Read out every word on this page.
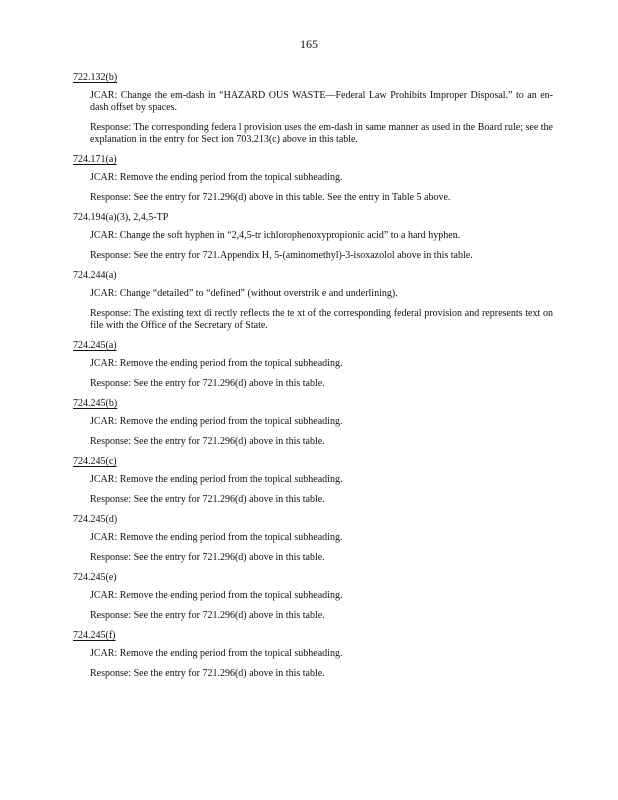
165
722.132(b)
JCAR: Change the em-dash in “HAZARD OUS WASTE—Federal Law Prohibits Improper Disposal.” to an en-dash offset by spaces.
Response: The corresponding federa l provision uses the em-dash in same manner as used in the Board rule; see the explanation in the entry for Sect ion 703.213(c) above in this table.
724.171(a)
JCAR: Remove the ending period from the topical subheading.
Response: See the entry for 721.296(d) above in this table. See the entry in Table 5 above.
724.194(a)(3), 2,4,5-TP
JCAR: Change the soft hyphen in “2,4,5-tr ichlorophenoxypropionic acid” to a hard hyphen.
Response: See the entry for 721.Appendix H, 5-(aminomethyl)-3-isoxazolol above in this table.
724.244(a)
JCAR: Change “detailed” to “defined” (without overstrik e and underlining).
Response: The existing text di rectly reflects the te xt of the corresponding federal provision and represents text on file with the Office of the Secretary of State.
724.245(a)
JCAR: Remove the ending period from the topical subheading.
Response: See the entry for 721.296(d) above in this table.
724.245(b)
JCAR: Remove the ending period from the topical subheading.
Response: See the entry for 721.296(d) above in this table.
724.245(c)
JCAR: Remove the ending period from the topical subheading.
Response: See the entry for 721.296(d) above in this table.
724.245(d)
JCAR: Remove the ending period from the topical subheading.
Response: See the entry for 721.296(d) above in this table.
724.245(e)
JCAR: Remove the ending period from the topical subheading.
Response: See the entry for 721.296(d) above in this table.
724.245(f)
JCAR: Remove the ending period from the topical subheading.
Response: See the entry for 721.296(d) above in this table.
